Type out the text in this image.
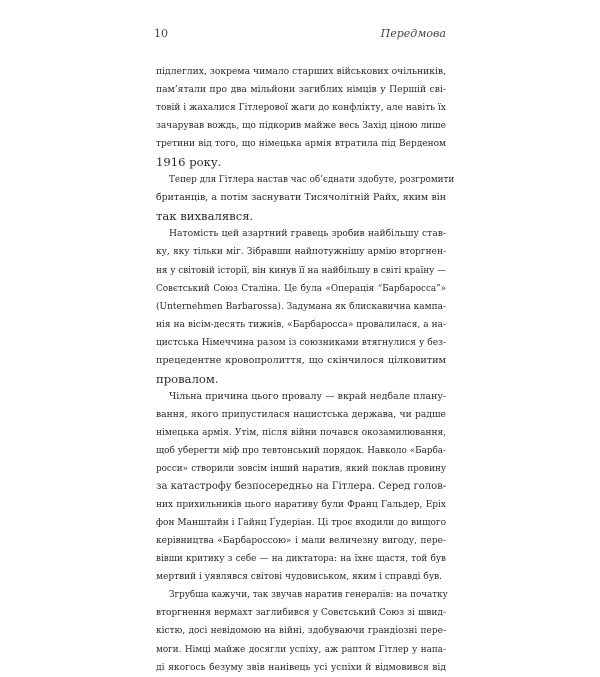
10	Передмова
підлеглих, зокрема чимало старших військових очільників,
пам’ятали про два мільйони загиблих німців у Першій сві-
товій і жахалися Гітлерової жаги до конфлікту, але навіть їх
зачарував вождь, що підкорив майже весь Захід ціною лише
третини від того, що німецька армія втратила під Верденом
1916 року.
Тепер для Гітлера настав час об’єднати здобуте, розгромити
британців, а потім заснувати Тисячолітній Райх, яким він
так вихвалявся.
Натомість цей азартний гравець зробив найбільшу став-
ку, яку тільки міг. Зібравши найпотужнішу армію вторгнен-
ня у світовій історії, він кинув її на найбільшу в світі країну —
Совєтський Союз Сталіна. Це була «Операція “Барбаросса”»
(Unternehmen Barbarossa). Задумана як блискавична кампа-
нія на вісім-десять тижнів, «Барбаросса» провалилася, а на-
цистська Німеччина разом із союзниками втягнулися у без-
прецедентне кровопролиття, що скінчилося цілковитим
провалом.
Чільна причина цього провалу — вкрай недбале плану-
вання, якого припустилася нацистська держава, чи радше
німецька армія. Утім, після війни почався окозамилювання,
щоб уберегти міф про тевтонський порядок. Навколо «Барба-
росси» створили зовсім інший наратив, який поклав провину
за катастрофу безпосередньо на Гітлера. Серед голов-
них прихильників цього наративу були Франц Гальдер, Еріх
фон Манштайн і Гайнц Ґудеріан. Ці троє входили до вищого
керівництва «Барбароссою» і мали величезну вигоду, пере-
вівши критику з себе — на диктатора: на їхнє щастя, той був
мертвий і уявлявся світові чудовиськом, яким і справді був.
Згрубша кажучи, так звучав наратив генералів: на початку
вторгнення вермахт заглибився у Совєтський Союз зі швид-
кістю, досі невідомою на війні, здобуваючи грандіозні пере-
моги. Німці майже досягли успіху, аж раптом Гітлер у напа-
ді якогось безуму звів нанівець усі успіхи й відмовився від
